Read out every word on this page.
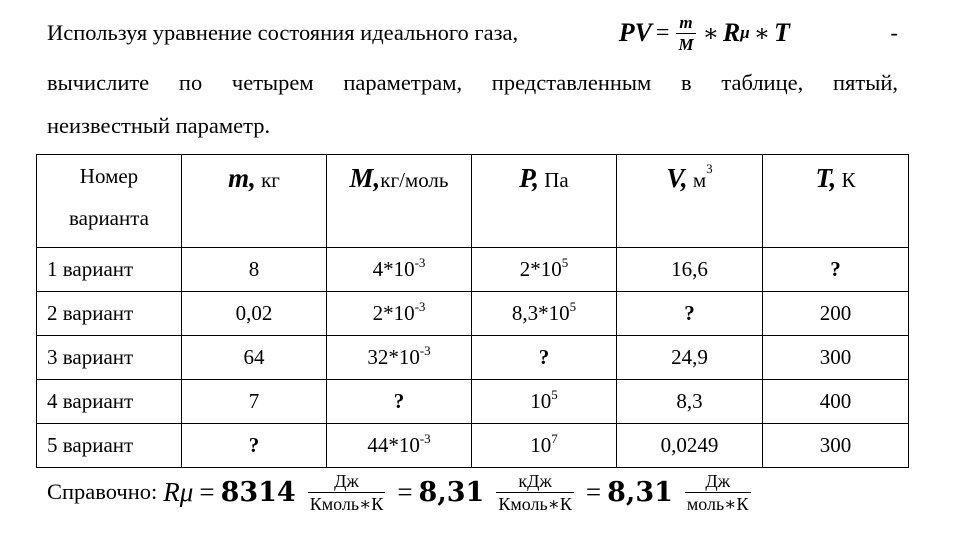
Используя уравнение состояния идеального газа,	PV = $\frac{m}{M}$ ∗ R μ ∗ T	-
вычислите по четырем параметрам, представленным в таблице, пятый,
неизвестный параметр.
Номер
варианта	m, кг	M,кг/моль	P, Па	V, $м^3$	T, К
1 вариант	8	$4*10^{-3}$	$2*10^5$	16,6	?
2 вариант	0,02	$2*10^{-3}$	$8,3*10^5$	?	200
3 вариант	64	$32*10^{-3}$	?	24,9	300
4 вариант	7	?	$10^5$	8,3	400
5 вариант	?	$44*10^{-3}$	$10^7$	0,0249	300
Справочно: $R\mu = 8314 \frac{Дж}{\text{Кмоль∗К}} = 8,31 \frac{\text{кДж}}{\text{Кмоль∗К}} = 8,31 \frac{Дж}{\text{моль∗К}}$
